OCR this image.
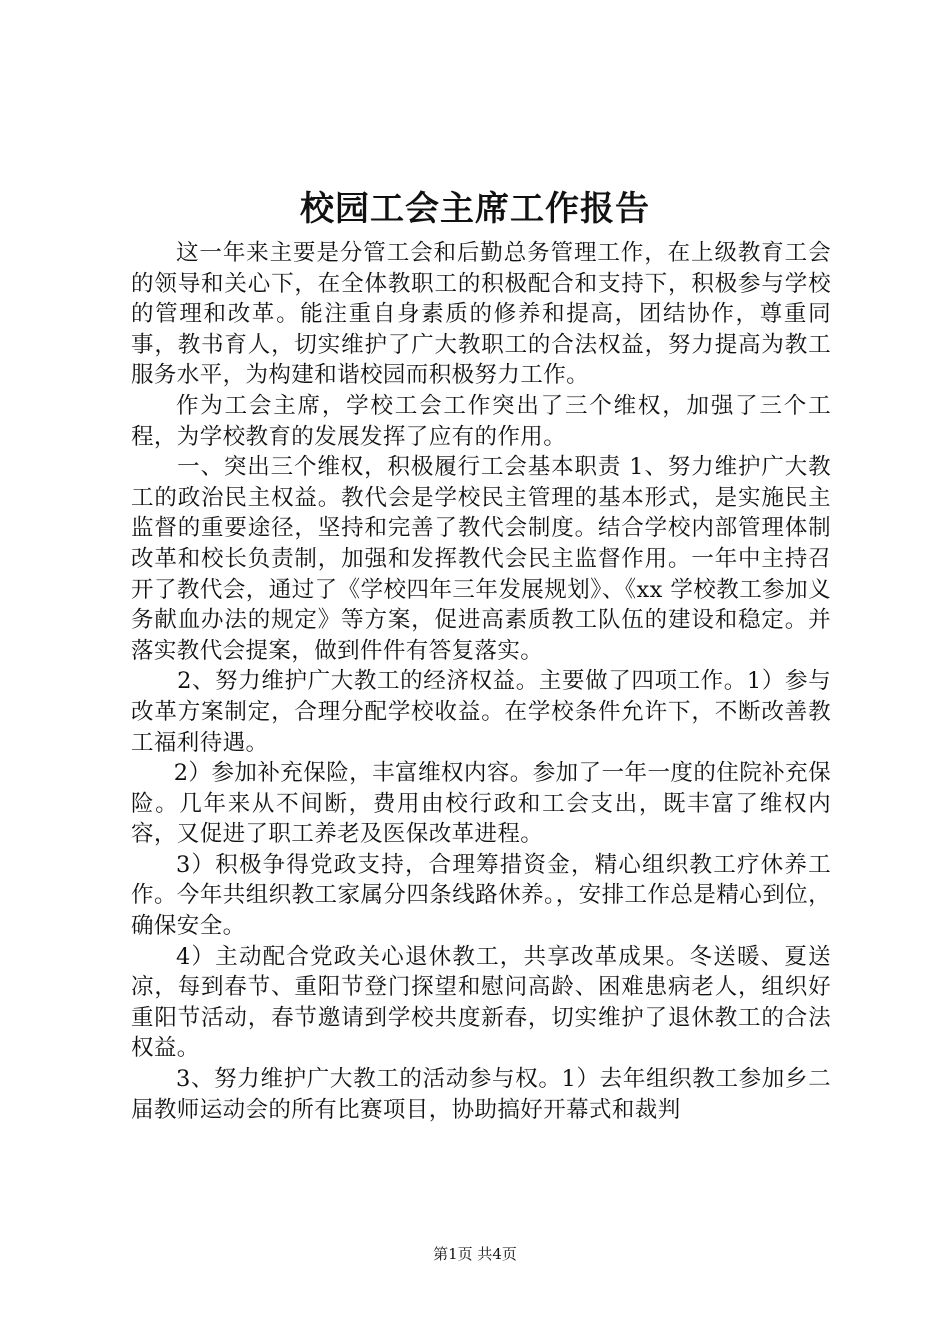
校园工会主席工作报告

这一年来主要是分管工会和后勤总务管理工作，在上级教育工会的领导和关心下，在全体教职工的积极配合和支持下，积极参与学校的管理和改革。能注重自身素质的修养和提高，团结协作，尊重同事，教书育人，切实维护了广大教职工的合法权益，努力提高为教工服务水平，为构建和谐校园而积极努力工作。

作为工会主席，学校工会工作突出了三个维权，加强了三个工程，为学校教育的发展发挥了应有的作用。

一、突出三个维权，积极履行工会基本职责 1、努力维护广大教工的政治民主权益。教代会是学校民主管理的基本形式，是实施民主监督的重要途径，坚持和完善了教代会制度。结合学校内部管理体制改革和校长负责制，加强和发挥教代会民主监督作用。一年中主持召开了教代会，通过了《学校四年三年发展规划》、《xx 学校教工参加义务献血办法的规定》等方案，促进高素质教工队伍的建设和稳定。并落实教代会提案，做到件件有答复落实。

2、努力维护广大教工的经济权益。主要做了四项工作。1）参与改革方案制定，合理分配学校收益。在学校条件允许下，不断改善教工福利待遇。

2）参加补充保险，丰富维权内容。参加了一年一度的住院补充保险。几年来从不间断，费用由校行政和工会支出，既丰富了维权内容，又促进了职工养老及医保改革进程。

3）积极争得党政支持，合理筹措资金，精心组织教工疗休养工作。今年共组织教工家属分四条线路休养。，安排工作总是精心到位，确保安全。

4）主动配合党政关心退休教工，共享改革成果。冬送暖、夏送凉，每到春节、重阳节登门探望和慰问高龄、困难患病老人，组织好重阳节活动，春节邀请到学校共度新春，切实维护了退休教工的合法权益。

3、努力维护广大教工的活动参与权。1）去年组织教工参加乡二届教师运动会的所有比赛项目，协助搞好开幕式和裁判

第1页 共4页
